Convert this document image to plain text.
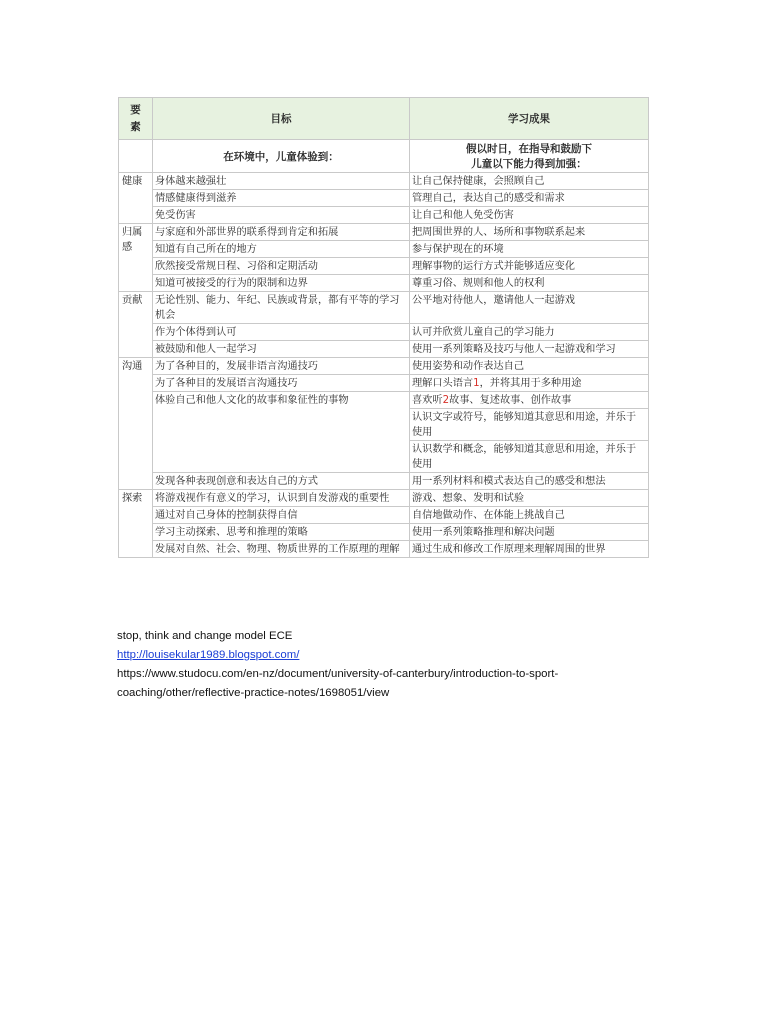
要素	目标	学习成果
	在环境中，儿童体验到：	假以时日，在指导和鼓励下
儿童以下能力得到加强：
健康	身体越来越强壮	让自己保持健康，会照顾自己
	情感健康得到滋养	管理自己，表达自己的感受和需求
	免受伤害	让自己和他人免受伤害
归属感	与家庭和外部世界的联系得到肯定和拓展	把周围世界的人、场所和事物联系起来
	知道有自己所在的地方	参与保护现在的环境
	欣然接受常规日程、习俗和定期活动	理解事物的运行方式并能够适应变化
	知道可被接受的行为的限制和边界	尊重习俗、规则和他人的权利
贡献	无论性别、能力、年纪、民族或背景，都有平等的学习机会	公平地对待他人，邀请他人一起游戏
	作为个体得到认可	认可并欣赏儿童自己的学习能力
	被鼓励和他人一起学习	使用一系列策略及技巧与他人一起游戏和学习
沟通	为了各种目的，发展非语言沟通技巧	使用姿势和动作表达自己
	为了各种目的发展语言沟通技巧	理解口头语言1，并将其用于多种用途
	体验自己和他人文化的故事和象征性的事物	喜欢听2故事、复述故事、创作故事
		认识文字或符号，能够知道其意思和用途，并乐于使用
		认识数学和概念，能够知道其意思和用途，并乐于使用
	发现各种表现创意和表达自己的方式	用一系列材料和模式表达自己的感受和想法
探索	将游戏视作有意义的学习，认识到自发游戏的重要性	游戏、想象、发明和试验
	通过对自己身体的控制获得自信	自信地做动作、在体能上挑战自己
	学习主动探索、思考和推理的策略	使用一系列策略推理和解决问题
	发展对自然、社会、物理、物质世界的工作原理的理解	通过生成和修改工作原理来理解周围的世界
stop, think and change model ECE
http://louisekular1989.blogspot.com/
https://www.studocu.com/en-nz/document/university-of-canterbury/introduction-to-sport-
coaching/other/reflective-practice-notes/1698051/view
